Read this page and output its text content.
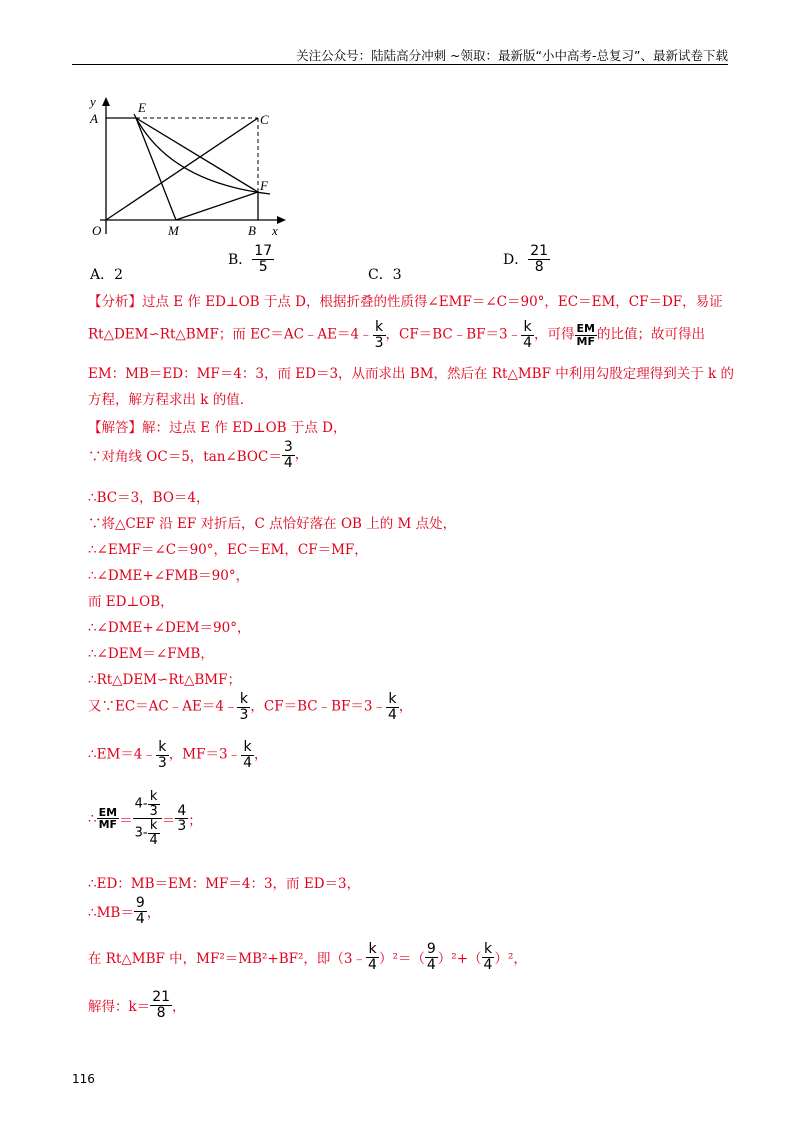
关注公众号：陆陆高分冲刺 ~领取：最新版“小中高考-总复习”、最新试卷下载
y
x
A
E
C
F
O	M	B
A．2
B． $\frac{17}{5}$
C．3
D． $\frac{21}{8}$
【分析】过点 E 作 ED⊥OB 于点 D，根据折叠的性质得∠EMF＝∠C＝90°，EC＝EM，CF＝DF，易证
Rt△DEM∽Rt△BMF；而 EC＝AC﹣AE＝4﹣ $\frac{k}{3}$ ，CF＝BC﹣BF＝3﹣ $\frac{k}{4}$ ，可得 $\frac{EM}{MF}$ 的比值；故可得出
EM：MB＝ED：MF＝4：3，而 ED＝3，从而求出 BM，然后在 Rt△MBF 中利用勾股定理得到关于 k 的
方程，解方程求出 k 的值．
【解答】解：过点 E 作 ED⊥OB 于点 D，
∵对角线 OC＝5，tan∠BOC＝ $\frac{3}{4}$ ，
∴BC＝3，BO＝4，
∵将△CEF 沿 EF 对折后，C 点恰好落在 OB 上的 M 点处，
∴∠EMF＝∠C＝90°，EC＝EM，CF＝MF，
∴∠DME+∠FMB＝90°，
而 ED⊥OB，
∴∠DME+∠DEM＝90°，
∴∠DEM＝∠FMB，
∴Rt△DEM∽Rt△BMF；
又∵EC＝AC﹣AE＝4﹣ $\frac{k}{3}$ ，CF＝BC﹣BF＝3﹣ $\frac{k}{4}$ ，
∴EM＝4﹣ $\frac{k}{3}$ ，MF＝3﹣ $\frac{k}{4}$ ，
∴ $\frac{EM}{MF} = \frac{4- \frac{k}{3}}{3- \frac{k}{4}} = \frac{4}{3}$ ；
∴ED：MB＝EM：MF＝4：3，而 ED＝3，
∴MB＝ $\frac{9}{4}$ ，
在 Rt△MBF 中，MF²＝MB²+BF²，即（3﹣ $\frac{k}{4} )^2=( \frac{9}{4} )^2+( \frac{k}{4} )^2$，
解得：$k= \frac{21}{8}$ ，
116
